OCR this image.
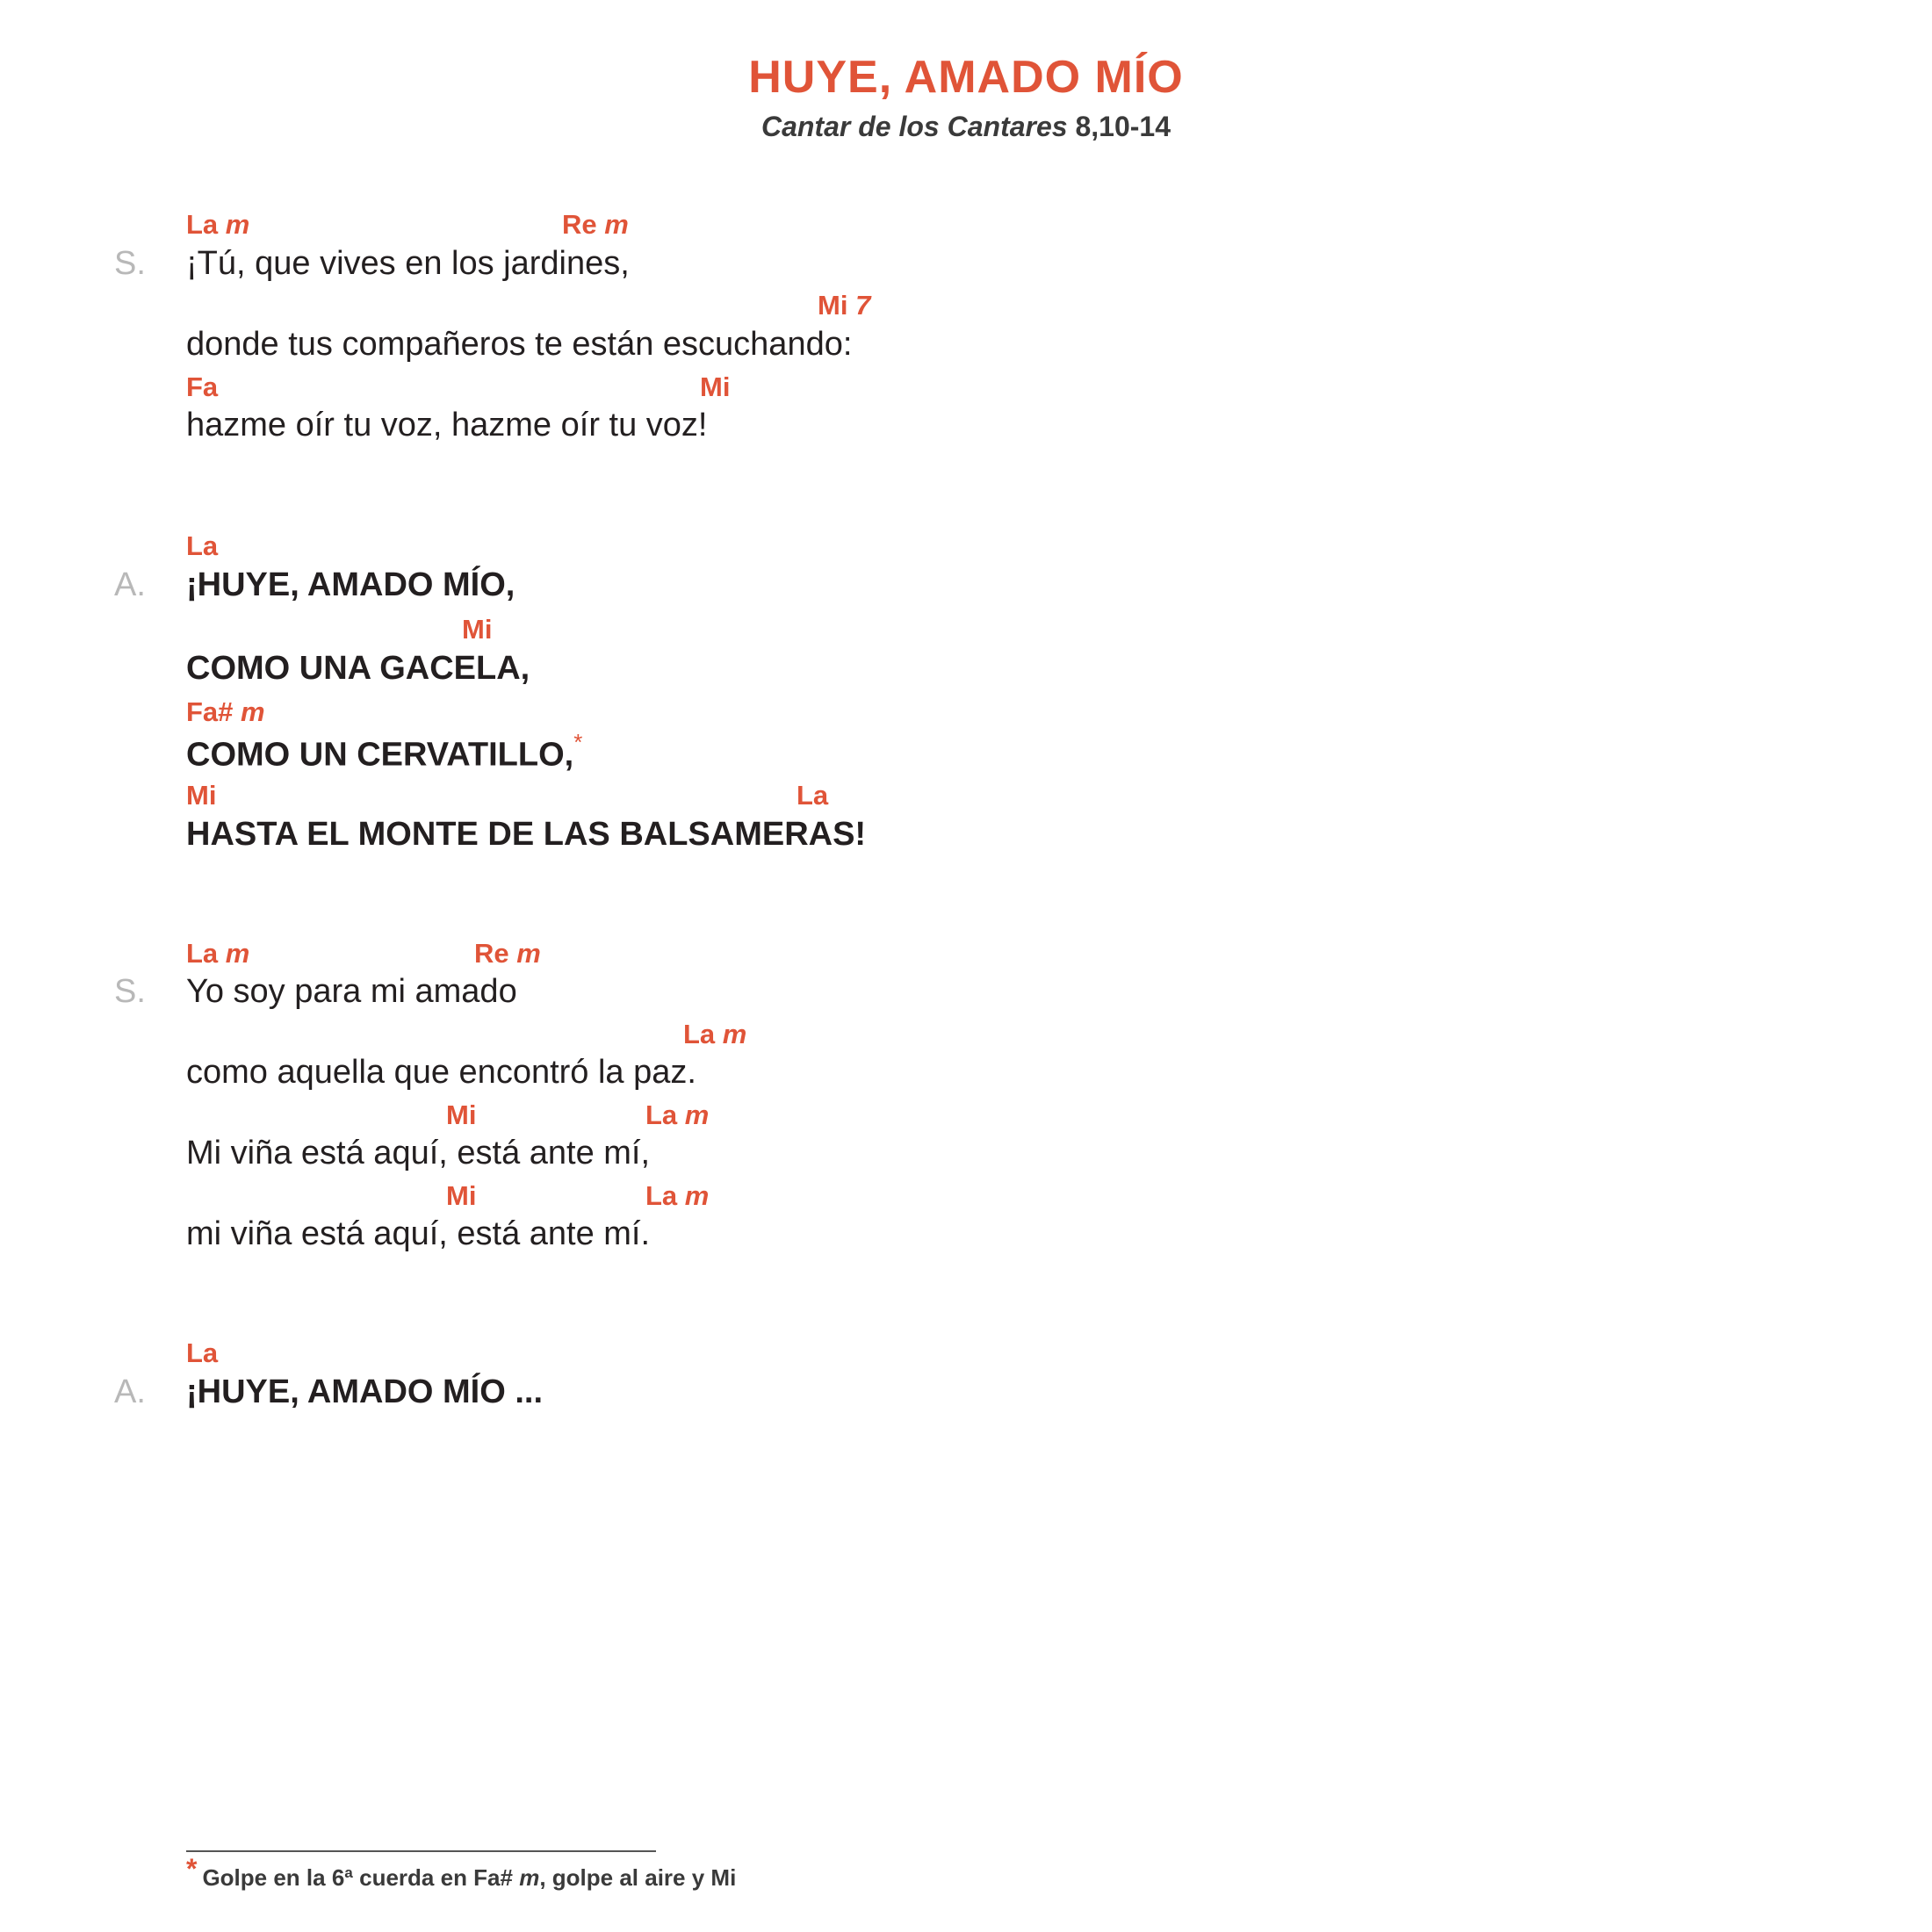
HUYE, AMADO MÍO
Cantar de los Cantares 8,10-14
La m	Re m
S. ¡Tú, que vives en los jardines,
Mi 7
donde tus compañeros te están escuchando:
Fa	Mi
hazme oír tu voz, hazme oír tu voz!
La
A. ¡HUYE, AMADO MÍO,
Mi
COMO UNA GACELA,
Fa# m
COMO UN CERVATILLO,*
Mi	La
HASTA EL MONTE DE LAS BALSAMERAS!
La m	Re m
S. Yo soy para mi amado
La m
como aquella que encontró la paz.
Mi	La m
Mi viña está aquí, está ante mí,
Mi	La m
mi viña está aquí, está ante mí.
La
A. ¡HUYE, AMADO MÍO ...
* Golpe en la 6ª cuerda en Fa# m, golpe al aire y Mi
